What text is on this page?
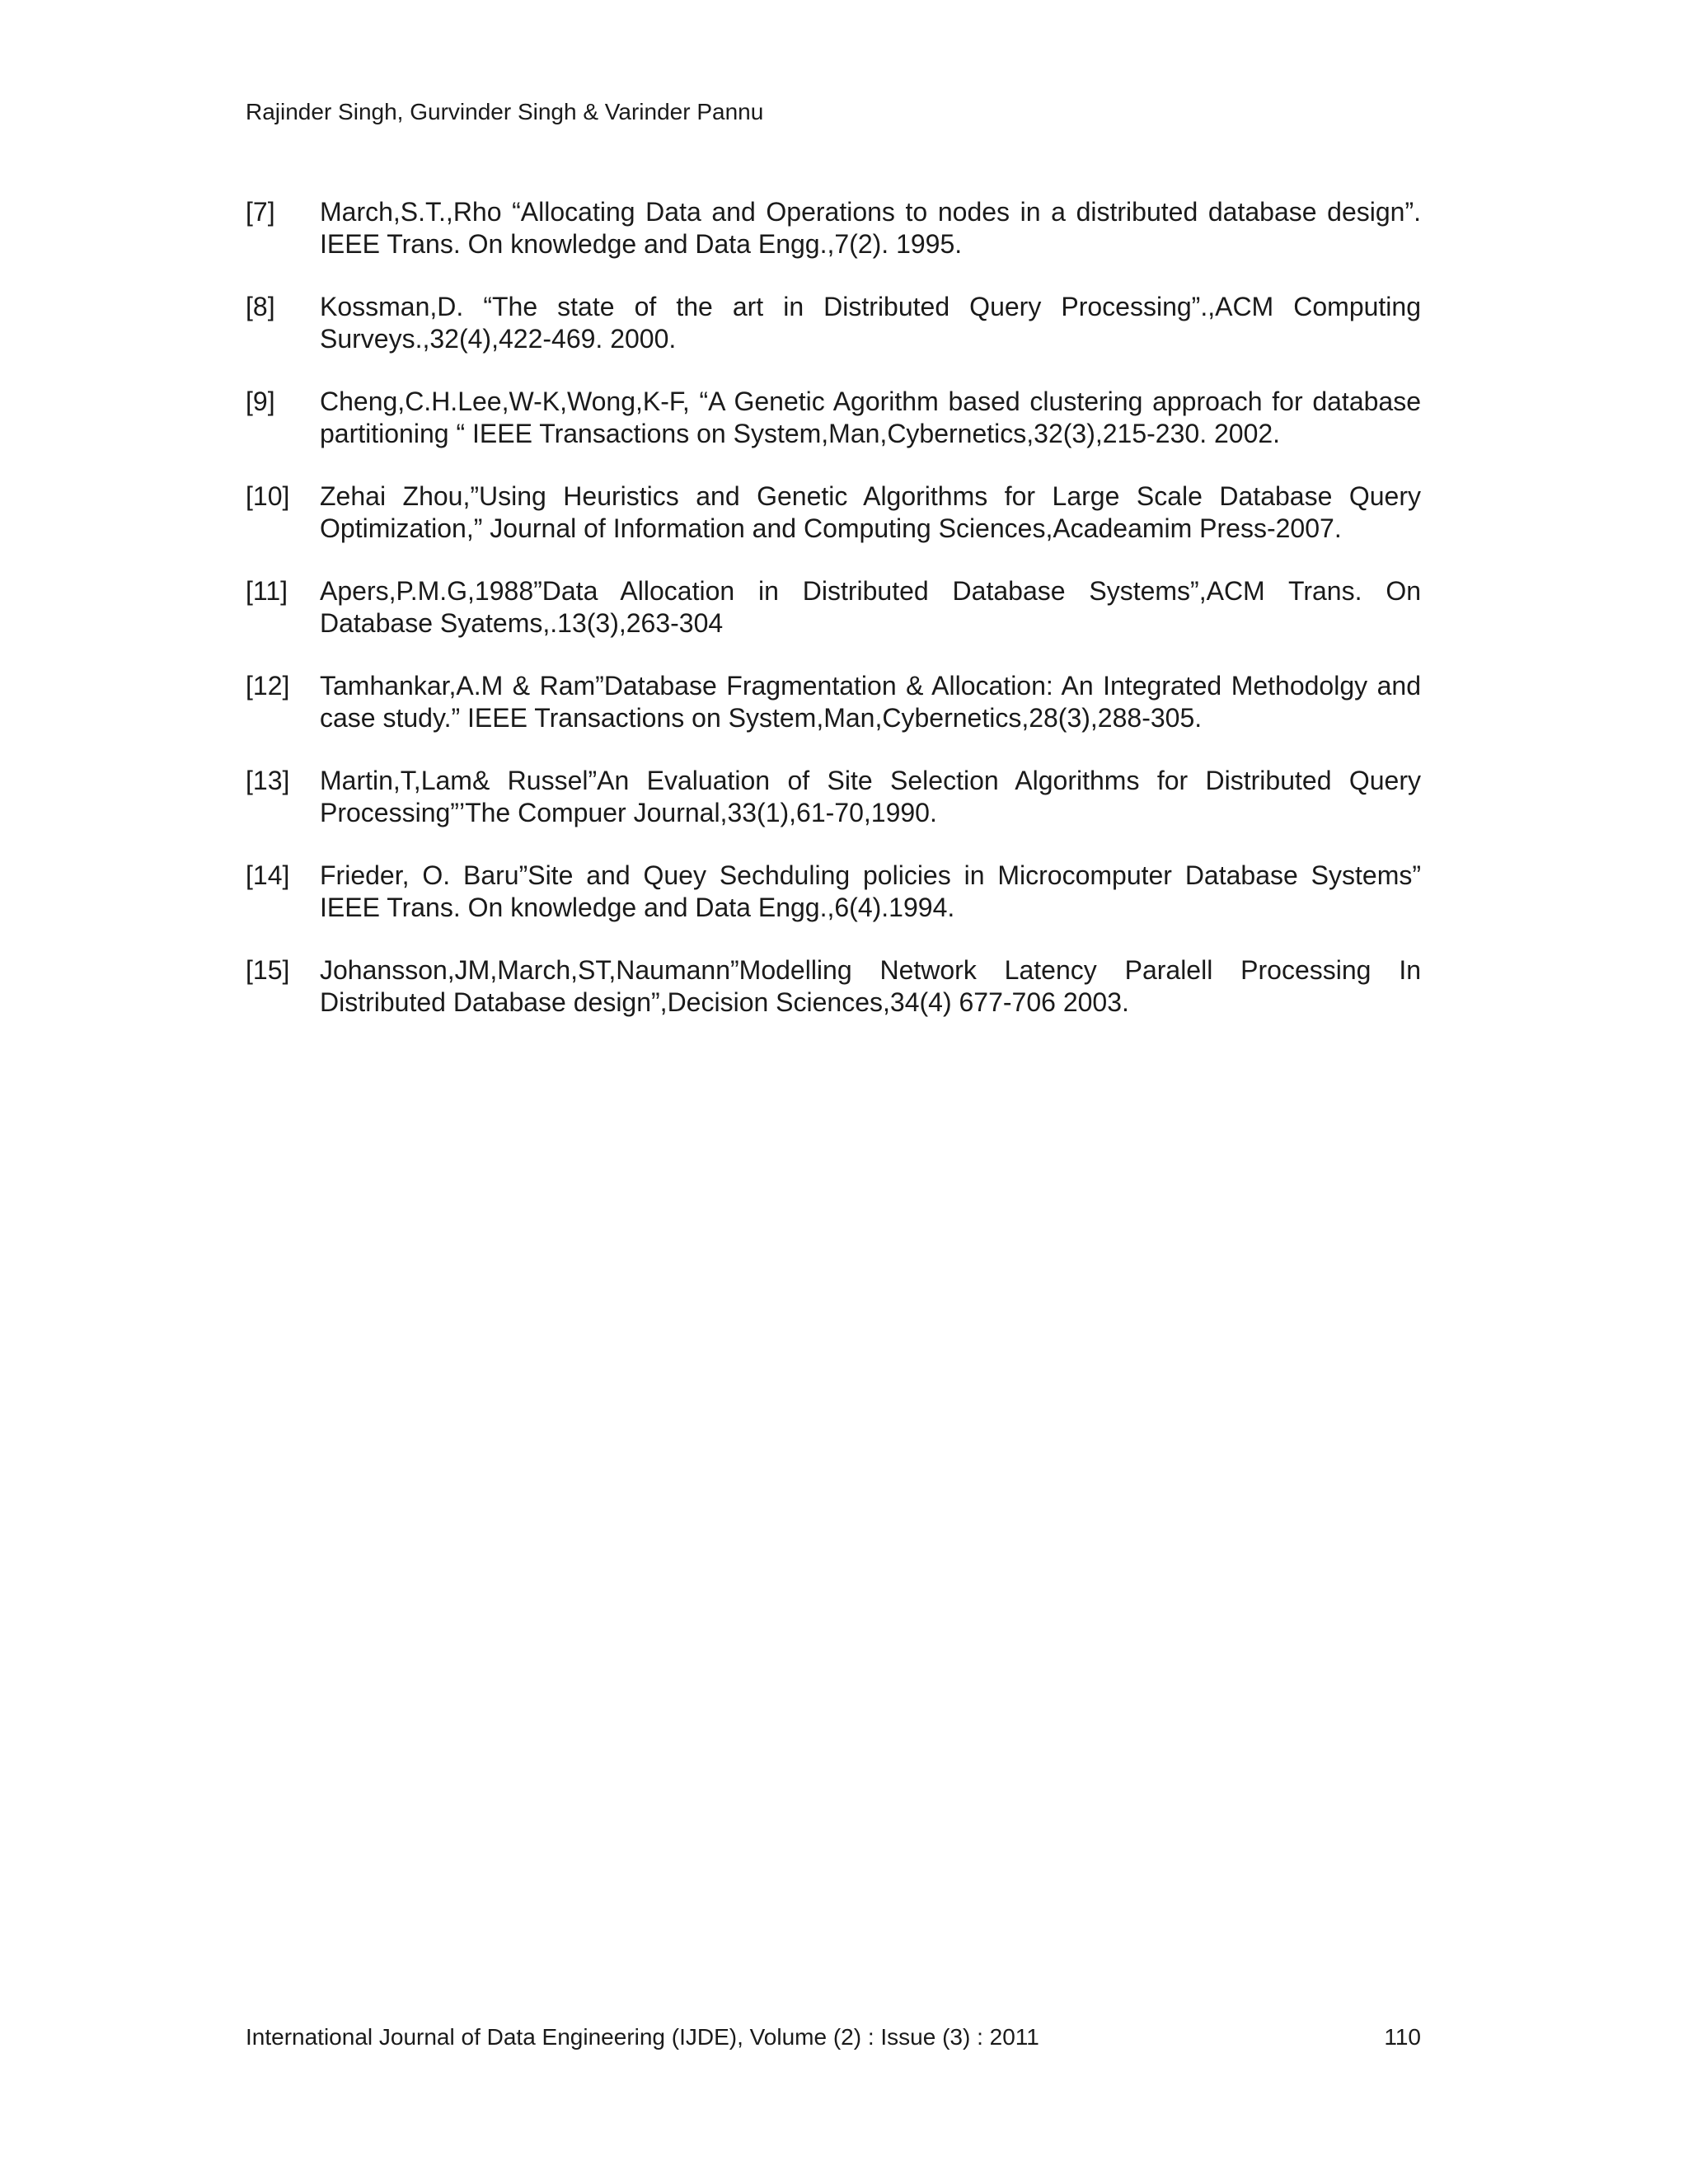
Rajinder Singh, Gurvinder Singh & Varinder Pannu
[7] March,S.T.,Rho “Allocating Data and Operations to nodes in a distributed database design”. IEEE Trans. On knowledge and Data Engg.,7(2). 1995.
[8] Kossman,D. “The state of the art in Distributed Query Processing”.,ACM Computing Surveys.,32(4),422-469. 2000.
[9] Cheng,C.H.Lee,W-K,Wong,K-F, “A Genetic Agorithm based clustering approach for database partitioning “ IEEE Transactions on System,Man,Cybernetics,32(3),215-230. 2002.
[10] Zehai Zhou,”Using Heuristics and Genetic Algorithms for Large Scale Database Query Optimization,” Journal of Information and Computing Sciences,Acadeamim Press-2007.
[11] Apers,P.M.G,1988”Data Allocation in Distributed Database Systems”,ACM Trans. On Database Syatems,.13(3),263-304
[12] Tamhankar,A.M & Ram”Database Fragmentation & Allocation: An Integrated Methodolgy and case study.” IEEE Transactions on System,Man,Cybernetics,28(3),288-305.
[13] Martin,T,Lam& Russel”An Evaluation of Site Selection Algorithms for Distributed Query Processing”’The Compuer Journal,33(1),61-70,1990.
[14] Frieder, O. Baru”Site and Quey Sechduling policies in Microcomputer Database Systems” IEEE Trans. On knowledge and Data Engg.,6(4).1994.
[15] Johansson,JM,March,ST,Naumann”Modelling Network Latency Paralell Processing In Distributed Database design”,Decision Sciences,34(4) 677-706 2003.
International Journal of Data Engineering (IJDE), Volume (2) : Issue (3) : 2011	110
